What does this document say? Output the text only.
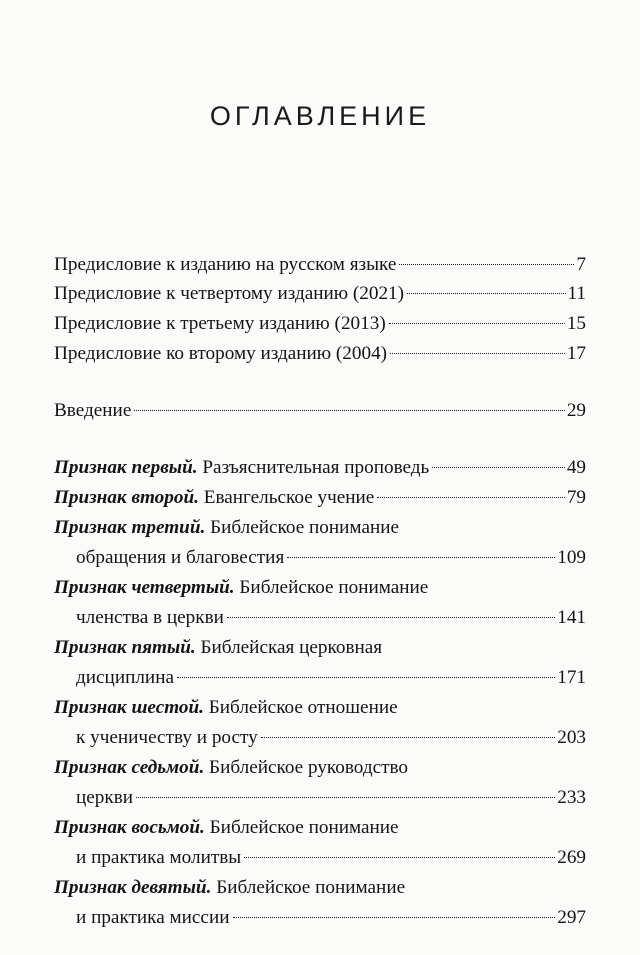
ОГЛАВЛЕНИЕ
Предисловие к изданию на русском языке	7
Предисловие к четвертому изданию (2021)	11
Предисловие к третьему изданию (2013)	15
Предисловие ко второму изданию (2004)	17
Введение	29
Признак первый. Разъяснительная проповедь	49
Признак второй. Евангельское учение	79
Признак третий. Библейское понимание
обращения и благовестия	109
Признак четвертый. Библейское понимание
членства в церкви	141
Признак пятый. Библейская церковная
дисциплина	171
Признак шестой. Библейское отношение
к ученичеству и росту	203
Признак седьмой. Библейское руководство
церкви	233
Признак восьмой. Библейское понимание
и практика молитвы	269
Признак девятый. Библейское понимание
и практика миссии	297
